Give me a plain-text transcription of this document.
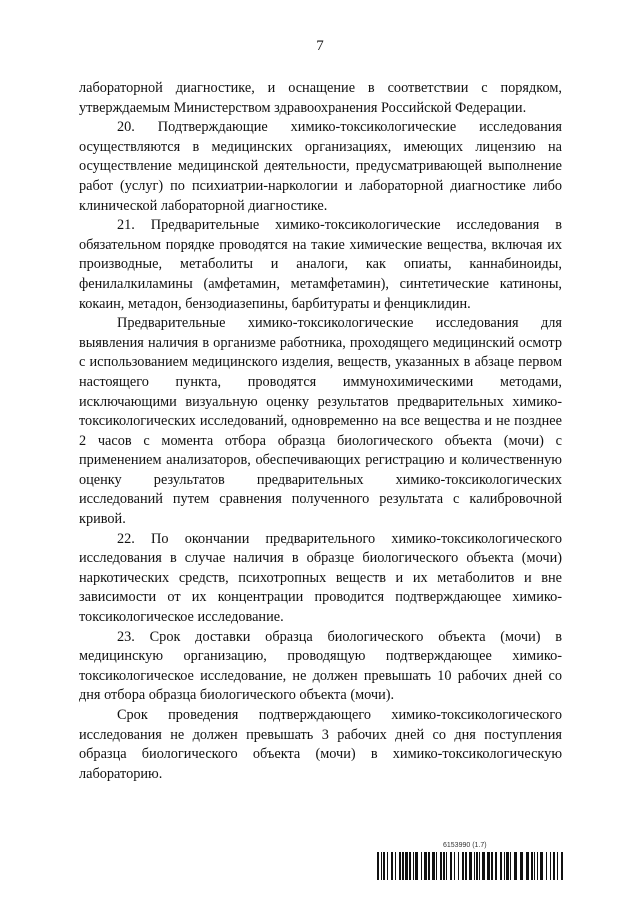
7

лабораторной диагностике, и оснащение в соответствии с порядком, утверждаемым Министерством здравоохранения Российской Федерации.

20. Подтверждающие химико-токсикологические исследования осуществляются в медицинских организациях, имеющих лицензию на осуществление медицинской деятельности, предусматривающей выполнение работ (услуг) по психиатрии-наркологии и лабораторной диагностике либо клинической лабораторной диагностике.

21. Предварительные химико-токсикологические исследования в обязательном порядке проводятся на такие химические вещества, включая их производные, метаболиты и аналоги, как опиаты, каннабиноиды, фенилалкиламины (амфетамин, метамфетамин), синтетические катиноны, кокаин, метадон, бензодиазепины, барбитураты и фенциклидин.

Предварительные химико-токсикологические исследования для выявления наличия в организме работника, проходящего медицинский осмотр с использованием медицинского изделия, веществ, указанных в абзаце первом настоящего пункта, проводятся иммунохимическими методами, исключающими визуальную оценку результатов предварительных химико-токсикологических исследований, одновременно на все вещества и не позднее 2 часов с момента отбора образца биологического объекта (мочи) с применением анализаторов, обеспечивающих регистрацию и количественную оценку результатов предварительных химико-токсикологических исследований путем сравнения полученного результата с калибровочной кривой.

22. По окончании предварительного химико-токсикологического исследования в случае наличия в образце биологического объекта (мочи) наркотических средств, психотропных веществ и их метаболитов и вне зависимости от их концентрации проводится подтверждающее химико-токсикологическое исследование.

23. Срок доставки образца биологического объекта (мочи) в медицинскую организацию, проводящую подтверждающее химико-токсикологическое исследование, не должен превышать 10 рабочих дней со дня отбора образца биологического объекта (мочи).

Срок проведения подтверждающего химико-токсикологического исследования не должен превышать 3 рабочих дней со дня поступления образца биологического объекта (мочи) в химико-токсикологическую лабораторию.

6153990 (1.7)
